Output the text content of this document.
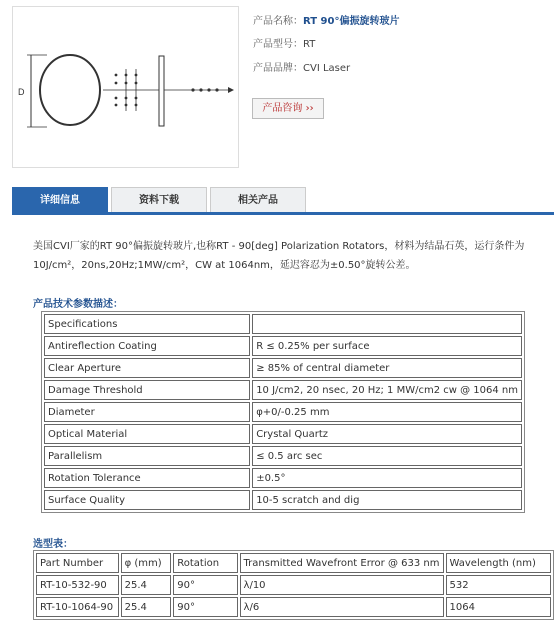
D
产品名称：RT 90°偏振旋转玻片
产品型号：RT
产品品牌：CVI Laser
产品咨询 ››
详细信息	资料下载	相关产品
美国CVI厂家的RT 90°偏振旋转玻片,也称RT - 90[deg] Polarization Rotators，材料为结晶石英，运行条件为
10J/cm²，20ns,20Hz;1MW/cm²，CW at 1064nm，延迟容忍为±0.50°旋转公差。
产品技术参数描述：
Specifications	
Antireflection Coating	R ≤ 0.25% per surface
Clear Aperture	≥ 85% of central diameter
Damage Threshold	10 J/cm2, 20 nsec, 20 Hz; 1 MW/cm2 cw @ 1064 nm
Diameter	φ+0/-0.25 mm
Optical Material	Crystal Quartz
Parallelism	≤ 0.5 arc sec
Rotation Tolerance	±0.5°
Surface Quality	10-5 scratch and dig
选型表：
Part Number	φ (mm)	Rotation	Transmitted Wavefront Error @ 633 nm	Wavelength (nm)
RT-10-532-90	25.4	90°	λ/10	532
RT-10-1064-90	25.4	90°	λ/6	1064
